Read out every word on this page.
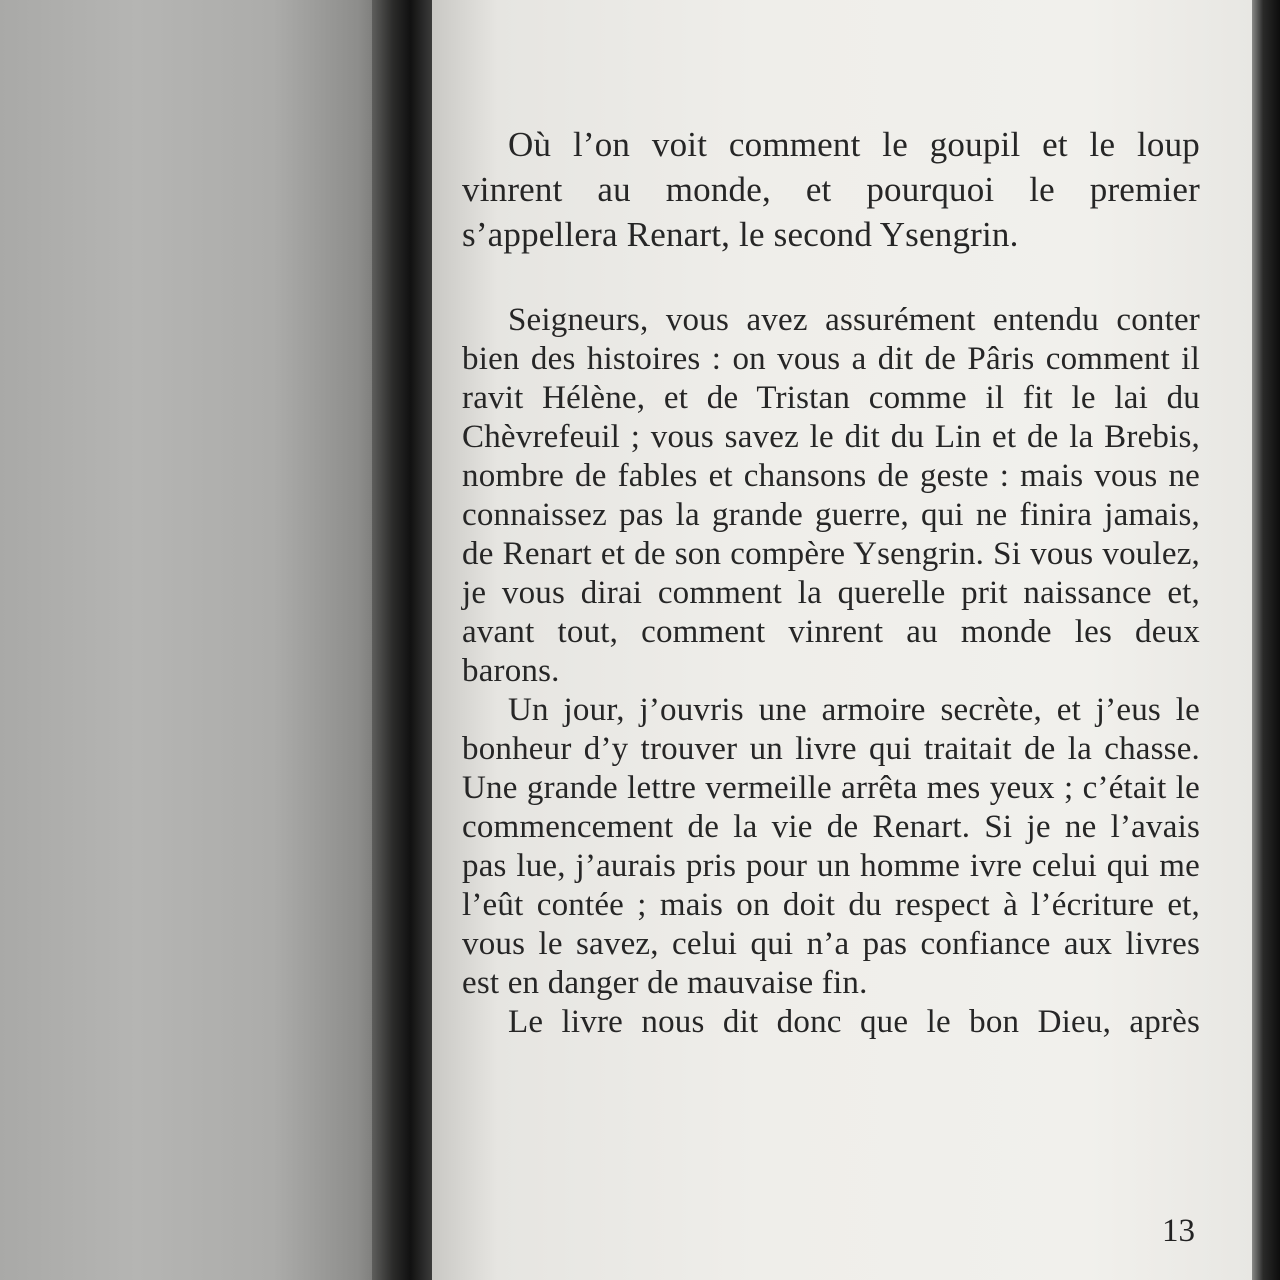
Où l’on voit comment le goupil et le loup vinrent au monde, et pourquoi le premier s’appellera Renart, le second Ysengrin.

Seigneurs, vous avez assurément entendu conter bien des histoires : on vous a dit de Pâris comment il ravit Hélène, et de Tristan comme il fit le lai du Chèvrefeuil ; vous savez le dit du Lin et de la Brebis, nombre de fables et chansons de geste : mais vous ne connaissez pas la grande guerre, qui ne finira jamais, de Renart et de son compère Ysengrin. Si vous voulez, je vous dirai comment la querelle prit naissance et, avant tout, comment vinrent au monde les deux barons.

Un jour, j’ouvris une armoire secrète, et j’eus le bonheur d’y trouver un livre qui traitait de la chasse. Une grande lettre vermeille arrêta mes yeux ; c’était le commencement de la vie de Renart. Si je ne l’avais pas lue, j’aurais pris pour un homme ivre celui qui me l’eût contée ; mais on doit du respect à l’écriture et, vous le savez, celui qui n’a pas confiance aux livres est en danger de mauvaise fin.

Le livre nous dit donc que le bon Dieu, après

13
